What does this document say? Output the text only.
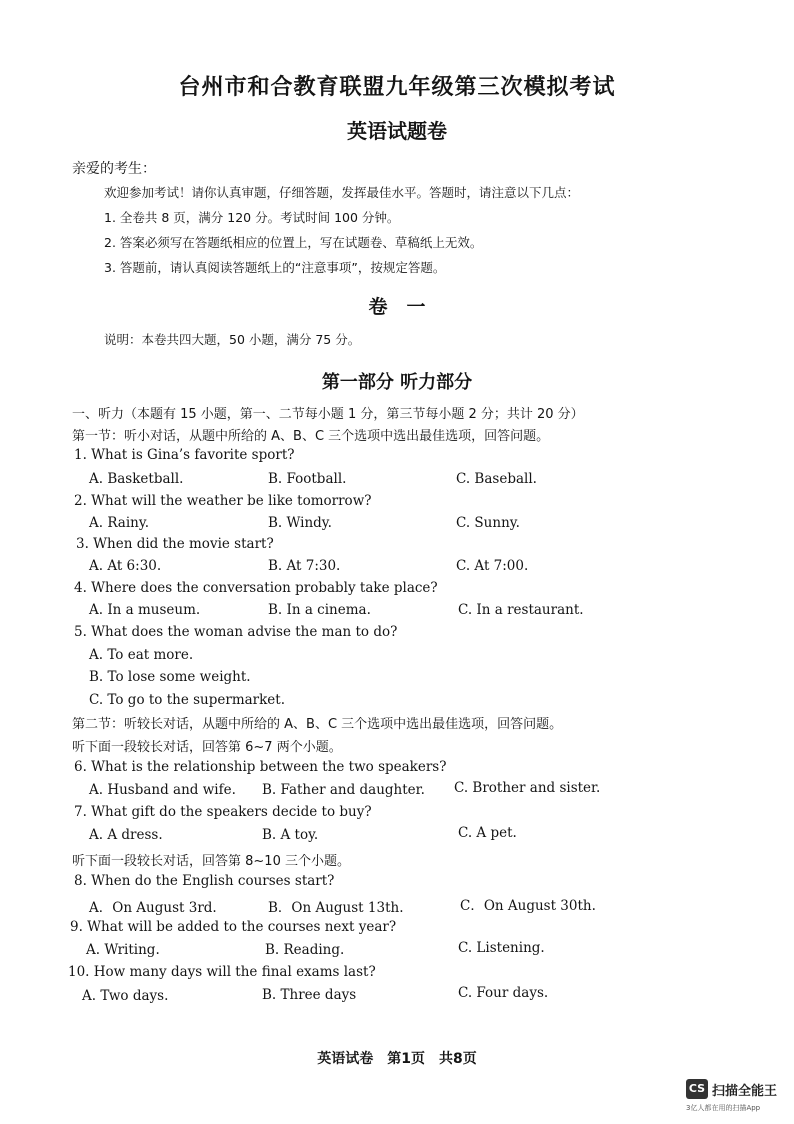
台州市和合教育联盟九年级第三次模拟考试
英语试题卷
亲爱的考生：
欢迎参加考试！请你认真审题，仔细答题，发挥最佳水平。答题时，请注意以下几点：
1. 全卷共 8 页，满分 120 分。考试时间 100 分钟。
2. 答案必须写在答题纸相应的位置上，写在试题卷、草稿纸上无效。
3. 答题前，请认真阅读答题纸上的“注意事项”，按规定答题。
卷　一
说明：本卷共四大题，50 小题，满分 75 分。
第一部分 听力部分
一、听力（本题有 15 小题，第一、二节每小题 1 分，第三节每小题 2 分；共计 20 分）
第一节：听小对话，从题中所给的 A、B、C 三个选项中选出最佳选项，回答问题。
1. What is Gina’s favorite sport?
A. Basketball.	B. Football.	C. Baseball.
2. What will the weather be like tomorrow?
A. Rainy.	B. Windy.	C. Sunny.
3. When did the movie start?
A. At 6:30.	B. At 7:30.	C. At 7:00.
4. Where does the conversation probably take place?
A. In a museum.	B. In a cinema.	C. In a restaurant.
5. What does the woman advise the man to do?
A. To eat more.
B. To lose some weight.
C. To go to the supermarket.
第二节：听较长对话，从题中所给的 A、B、C 三个选项中选出最佳选项，回答问题。
听下面一段较长对话，回答第 6~7 两个小题。
6. What is the relationship between the two speakers?
A. Husband and wife. B. Father and daughter. C. Brother and sister.
7. What gift do the speakers decide to buy?
A. A dress.	B. A toy.	C. A pet.
听下面一段较长对话，回答第 8~10 三个小题。
8. When do the English courses start?
A．On August 3rd.	B．On August 13th.	C．On August 30th.
9. What will be added to the courses next year?
A. Writing.	B. Reading.	C. Listening.
10. How many days will the final exams last?
A. Two days.	B. Three days	C. Four days.
英语试卷　第1页　共8页
CS 扫描全能王
3亿人都在用的扫描App
